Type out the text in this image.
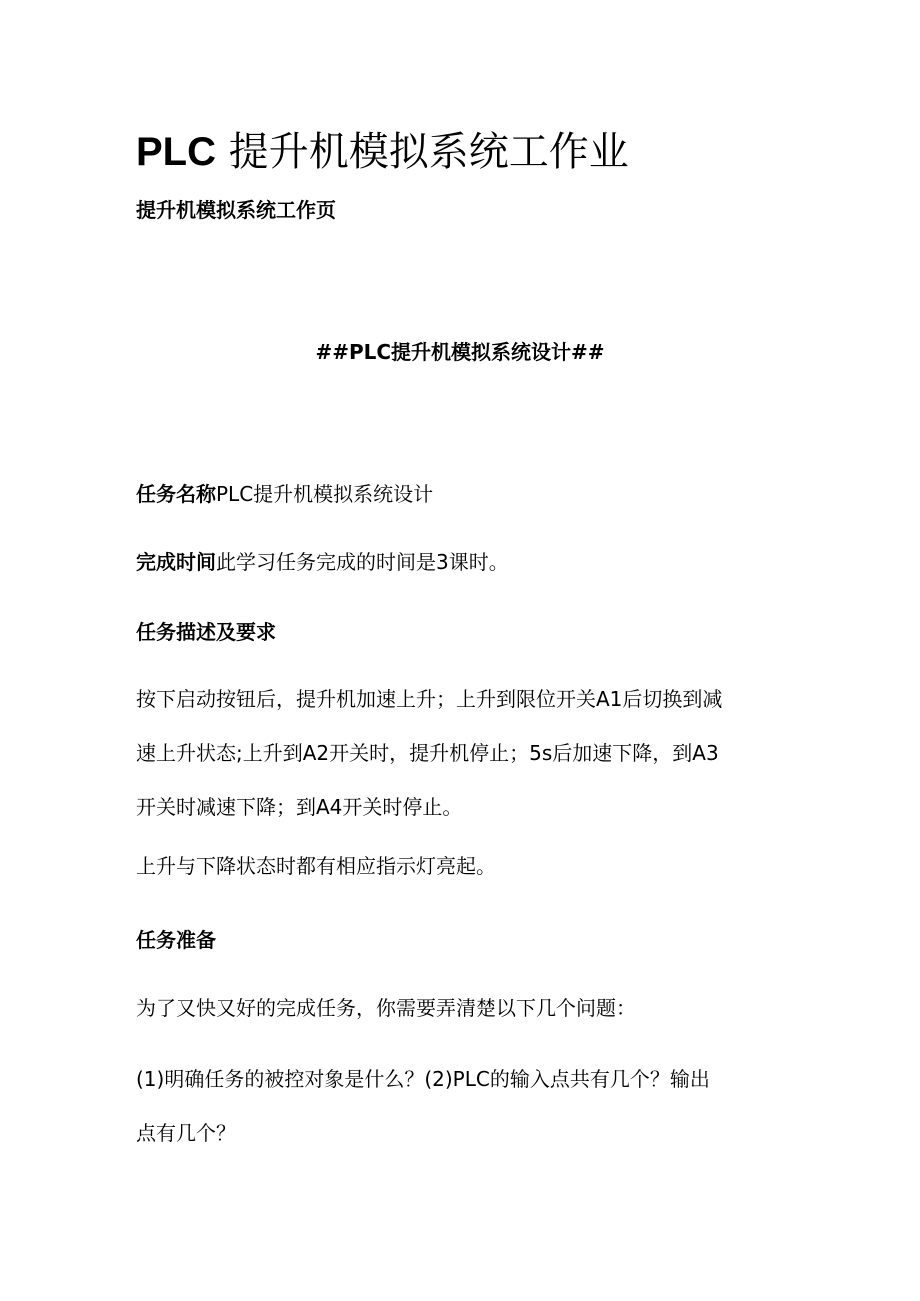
PLC 提升机模拟系统工作业
提升机模拟系统工作页
##PLC提升机模拟系统设计##
任务名称PLC提升机模拟系统设计
完成时间此学习任务完成的时间是3课时。
任务描述及要求
按下启动按钮后，提升机加速上升；上升到限位开关A1后切换到减
速上升状态;上升到A2开关时，提升机停止；5s后加速下降，到A3
开关时减速下降；到A4开关时停止。
上升与下降状态时都有相应指示灯亮起。
任务准备
为了又快又好的完成任务，你需要弄清楚以下几个问题：
(1)明确任务的被控对象是什么？(2)PLC的输入点共有几个？输出
点有几个？
